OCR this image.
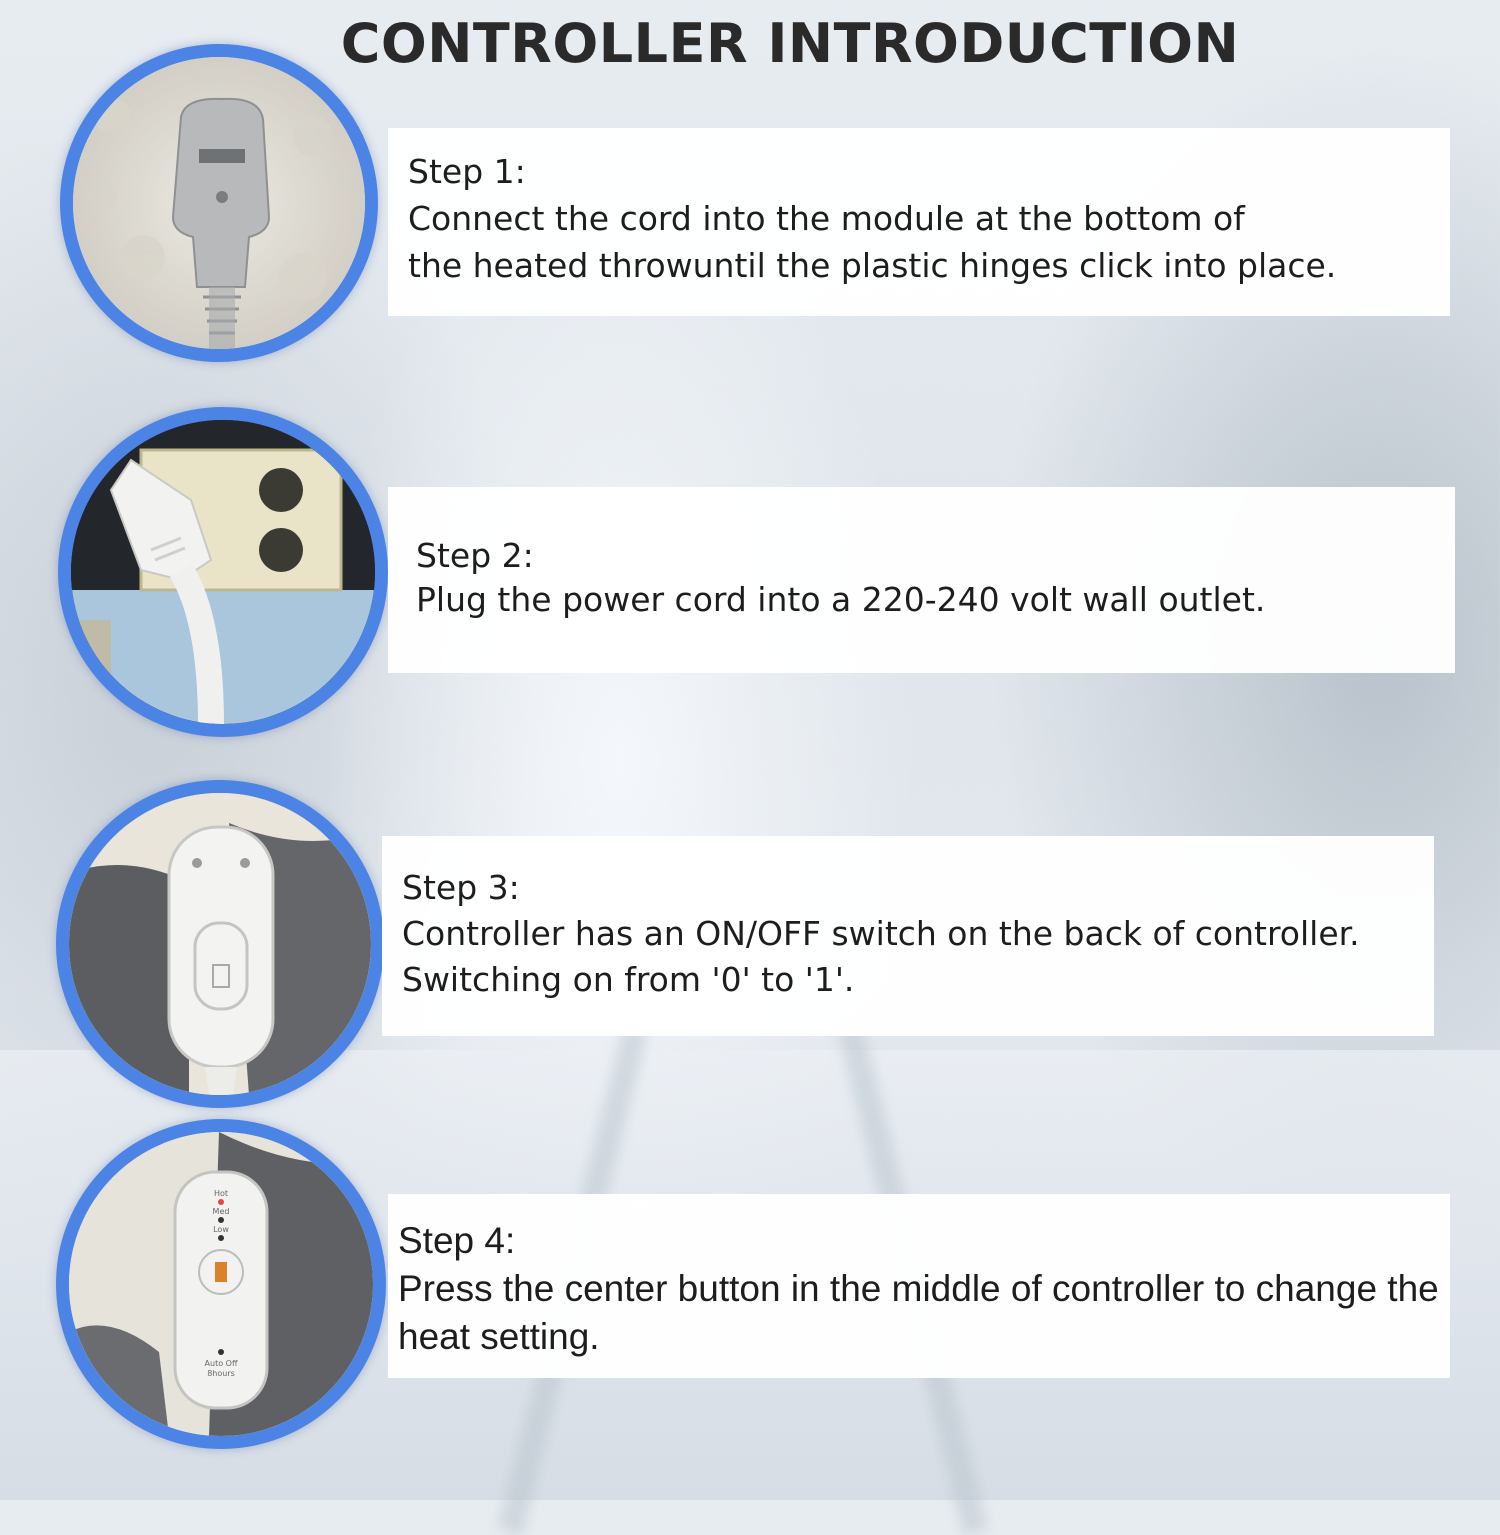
CONTROLLER INTRODUCTION
Step 1:
Connect the cord into the module at the bottom of
the heated throwuntil the plastic hinges click into place.
Step 2:
Plug the power cord into a 220-240 volt wall outlet.
Step 3:
Controller has an ON/OFF switch on the back of controller.
Switching on from '0' to '1'.
Hot
Med
Low
Auto Off
8hours
Step 4:
Press the center button in the middle of controller to change the
heat setting.
